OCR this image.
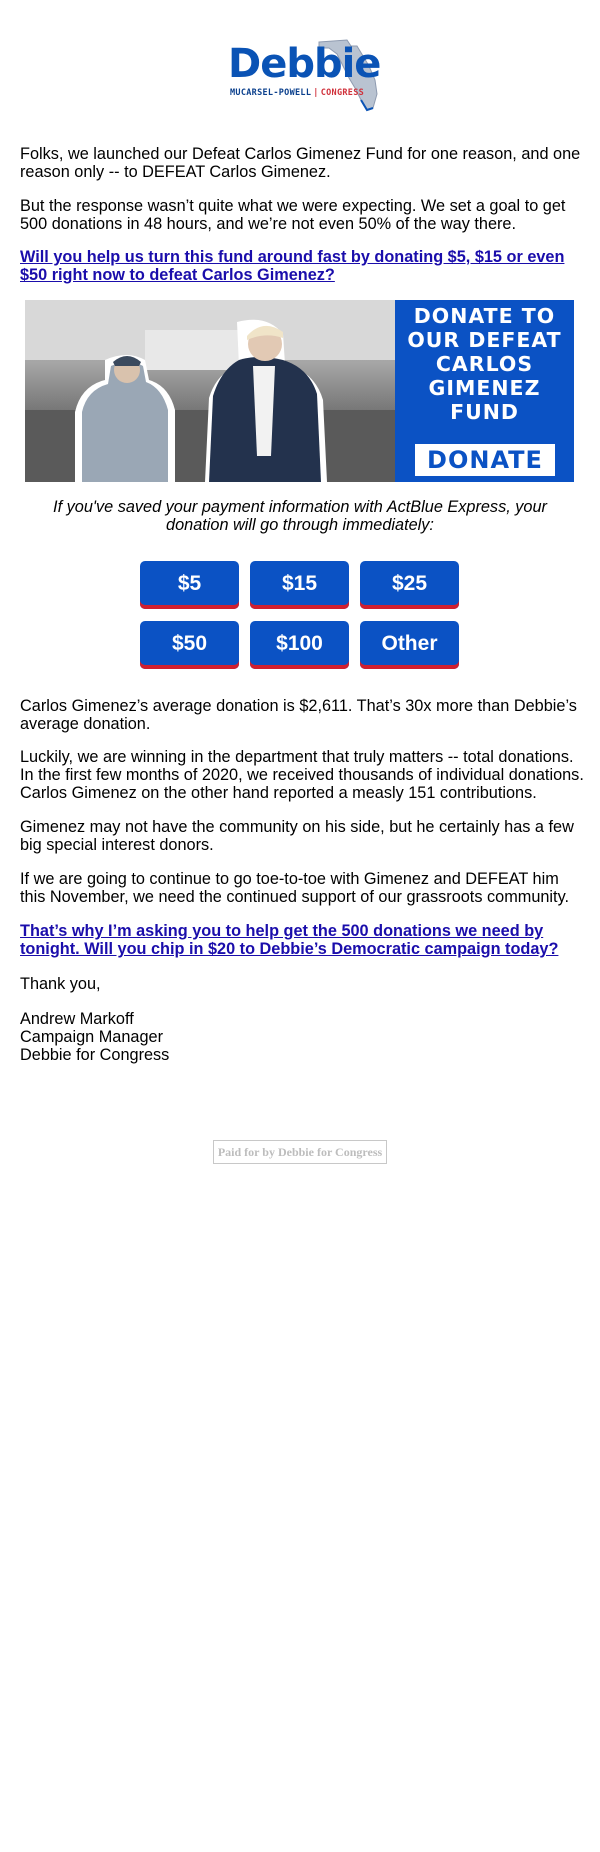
Debbie
MUCARSEL-POWELL | CONGRESS

Folks, we launched our Defeat Carlos Gimenez Fund for one reason, and one reason only -- to DEFEAT Carlos Gimenez.

But the response wasn’t quite what we were expecting. We set a goal to get 500 donations in 48 hours, and we’re not even 50% of the way there.

Will you help us turn this fund around fast by donating $5, $15 or even $50 right now to defeat Carlos Gimenez?

DONATE TO
OUR DEFEAT
CARLOS
GIMENEZ
FUND
DONATE
If you've saved your payment information with ActBlue Express, your donation will go through immediately:
$5	$15	$25
$50	$100	Other

Carlos Gimenez’s average donation is $2,611. That’s 30x more than Debbie’s average donation.

Luckily, we are winning in the department that truly matters -- total donations. In the first few months of 2020, we received thousands of individual donations. Carlos Gimenez on the other hand reported a measly 151 contributions.

Gimenez may not have the community on his side, but he certainly has a few big special interest donors.

If we are going to continue to go toe-to-toe with Gimenez and DEFEAT him this November, we need the continued support of our grassroots community.

That’s why I’m asking you to help get the 500 donations we need by tonight. Will you chip in $20 to Debbie’s Democratic campaign today?

Thank you,

Andrew Markoff
Campaign Manager
Debbie for Congress
Paid for by Debbie for Congress
